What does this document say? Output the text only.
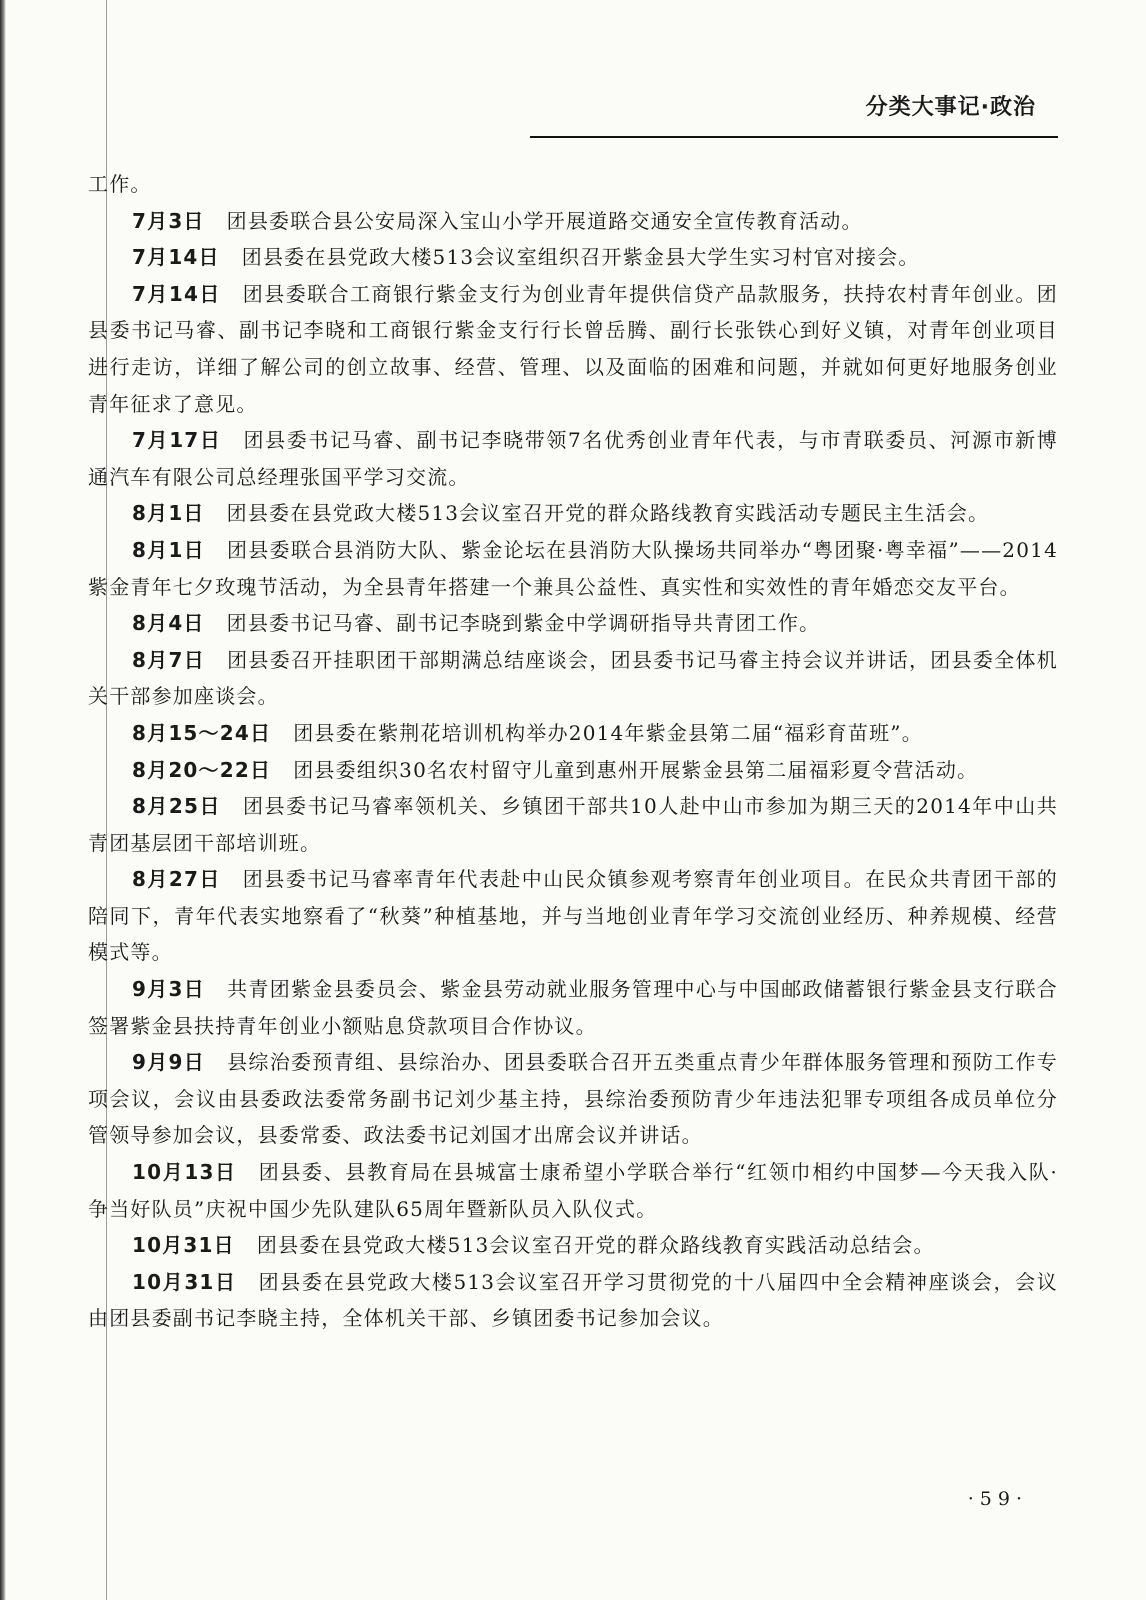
分类大事记·政治

工作。

7月3日 团县委联合县公安局深入宝山小学开展道路交通安全宣传教育活动。

7月14日 团县委在县党政大楼513会议室组织召开紫金县大学生实习村官对接会。

7月14日 团县委联合工商银行紫金支行为创业青年提供信贷产品款服务，扶持农村青年创业。团县委书记马睿、副书记李晓和工商银行紫金支行行长曾岳腾、副行长张铁心到好义镇，对青年创业项目进行走访，详细了解公司的创立故事、经营、管理、以及面临的困难和问题，并就如何更好地服务创业青年征求了意见。

7月17日 团县委书记马睿、副书记李晓带领7名优秀创业青年代表，与市青联委员、河源市新博通汽车有限公司总经理张国平学习交流。

8月1日 团县委在县党政大楼513会议室召开党的群众路线教育实践活动专题民主生活会。

8月1日 团县委联合县消防大队、紫金论坛在县消防大队操场共同举办“粤团聚·粤幸福”——2014紫金青年七夕玫瑰节活动，为全县青年搭建一个兼具公益性、真实性和实效性的青年婚恋交友平台。

8月4日 团县委书记马睿、副书记李晓到紫金中学调研指导共青团工作。

8月7日 团县委召开挂职团干部期满总结座谈会，团县委书记马睿主持会议并讲话，团县委全体机关干部参加座谈会。

8月15～24日 团县委在紫荆花培训机构举办2014年紫金县第二届“福彩育苗班”。

8月20～22日 团县委组织30名农村留守儿童到惠州开展紫金县第二届福彩夏令营活动。

8月25日 团县委书记马睿率领机关、乡镇团干部共10人赴中山市参加为期三天的2014年中山共青团基层团干部培训班。

8月27日 团县委书记马睿率青年代表赴中山民众镇参观考察青年创业项目。在民众共青团干部的陪同下，青年代表实地察看了“秋葵”种植基地，并与当地创业青年学习交流创业经历、种养规模、经营模式等。

9月3日 共青团紫金县委员会、紫金县劳动就业服务管理中心与中国邮政储蓄银行紫金县支行联合签署紫金县扶持青年创业小额贴息贷款项目合作协议。

9月9日 县综治委预青组、县综治办、团县委联合召开五类重点青少年群体服务管理和预防工作专项会议，会议由县委政法委常务副书记刘少基主持，县综治委预防青少年违法犯罪专项组各成员单位分管领导参加会议，县委常委、政法委书记刘国才出席会议并讲话。

10月13日 团县委、县教育局在县城富士康希望小学联合举行“红领巾相约中国梦—今天我入队·争当好队员”庆祝中国少先队建队65周年暨新队员入队仪式。

10月31日 团县委在县党政大楼513会议室召开党的群众路线教育实践活动总结会。

10月31日 团县委在县党政大楼513会议室召开学习贯彻党的十八届四中全会精神座谈会，会议由团县委副书记李晓主持，全体机关干部、乡镇团委书记参加会议。

·59·
